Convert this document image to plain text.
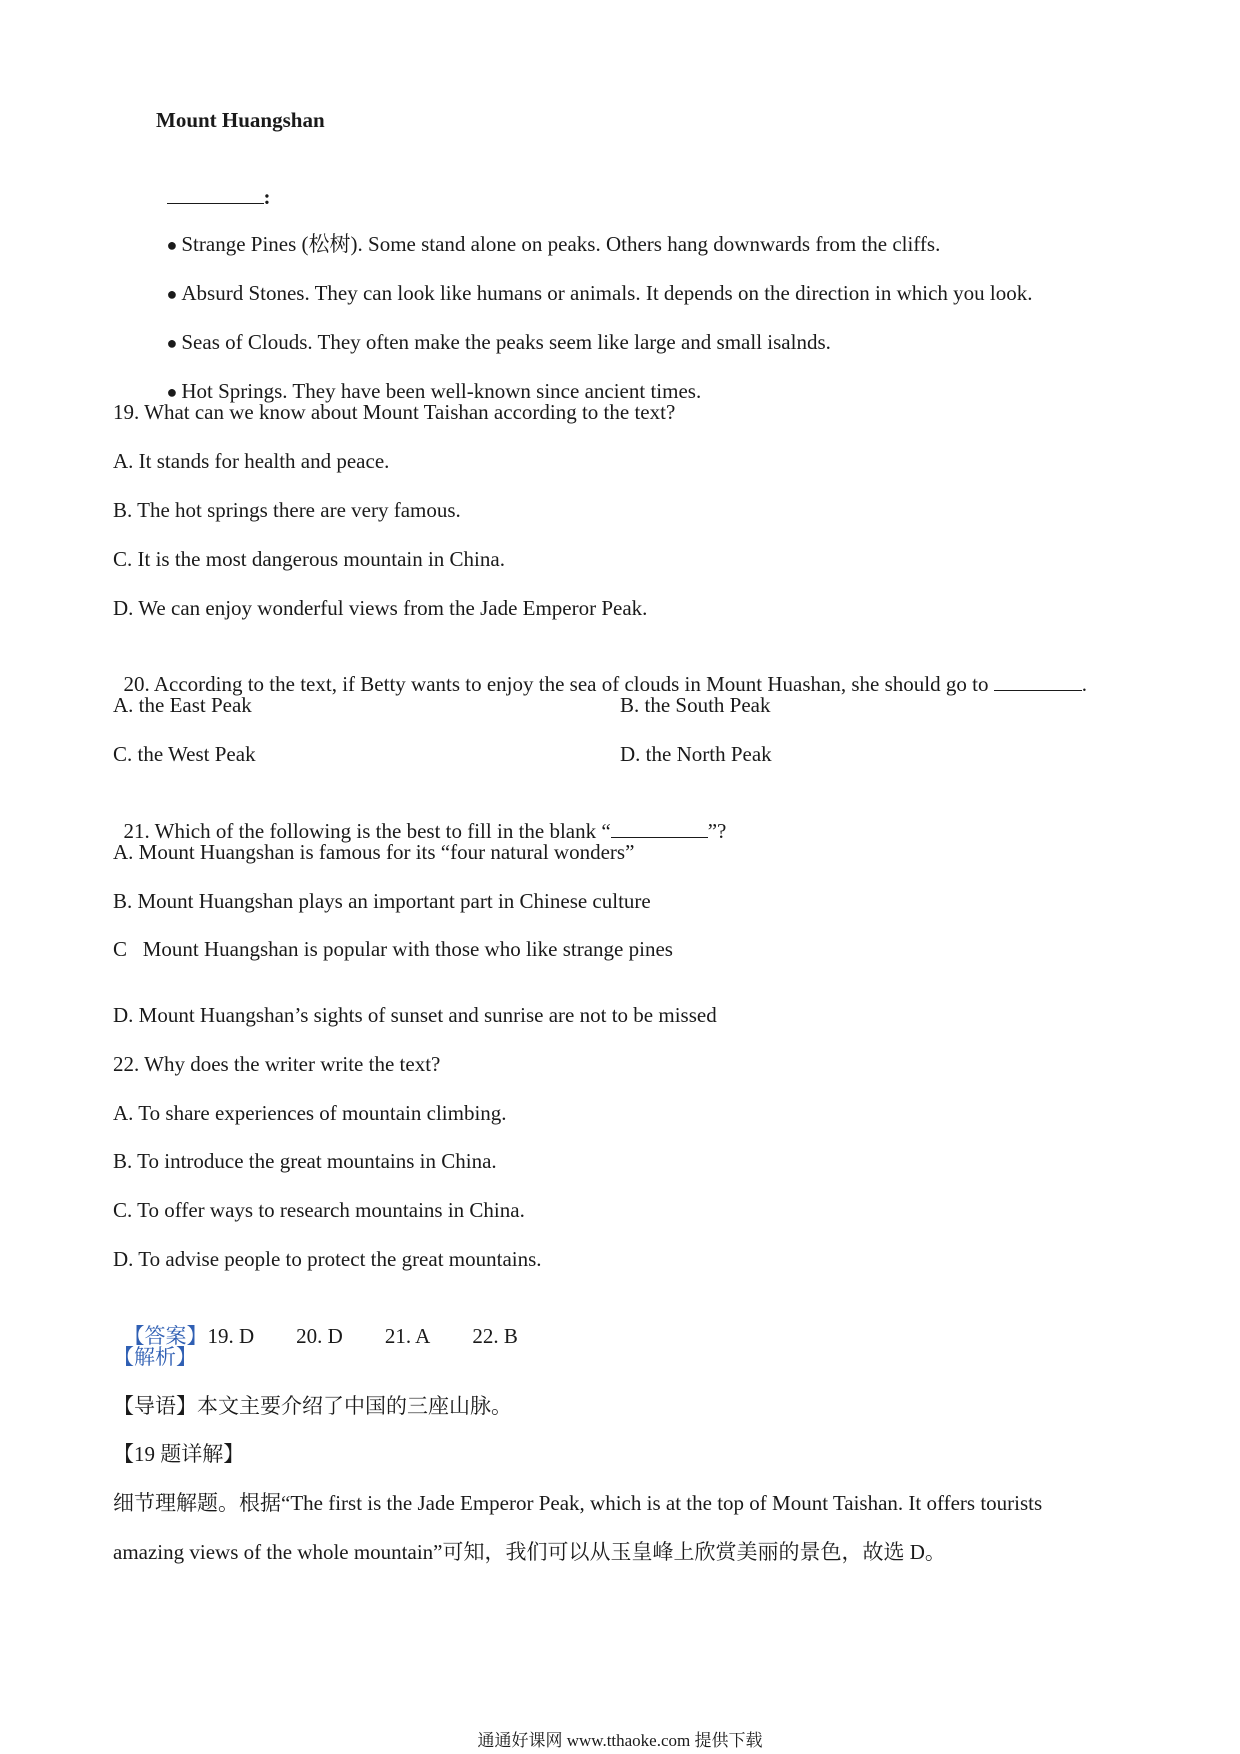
Mount Huangshan

:

● Strange Pines (松树). Some stand alone on peaks. Others hang downwards from the cliffs.

● Absurd Stones. They can look like humans or animals. It depends on the direction in which you look.

● Seas of Clouds. They often make the peaks seem like large and small isalnds.

● Hot Springs. They have been well-known since ancient times.

19. What can we know about Mount Taishan according to the text?
A. It stands for health and peace.
B. The hot springs there are very famous.
C. It is the most dangerous mountain in China.
D. We can enjoy wonderful views from the Jade Emperor Peak.

20. According to the text, if Betty wants to enjoy the sea of clouds in Mount Huashan, she should go to	.

A. the East Peak	B. the South Peak
C. the West Peak	D. the North Peak

21. Which of the following is the best to fill in the blank “	”?

A. Mount Huangshan is famous for its “four natural wonders”
B. Mount Huangshan plays an important part in Chinese culture
C   Mount Huangshan is popular with those who like strange pines
D. Mount Huangshan’s sights of sunset and sunrise are not to be missed
22. Why does the writer write the text?
A. To share experiences of mountain climbing.
B. To introduce the great mountains in China.
C. To offer ways to research mountains in China.
D. To advise people to protect the great mountains.

【答案】19. D 20. D 21. A 22. B

【解析】
【导语】本文主要介绍了中国的三座山脉。
【19 题详解】
细节理解题。根据“The first is the Jade Emperor Peak, which is at the top of Mount Taishan. It offers tourists
amazing views of the whole mountain”可知，我们可以从玉皇峰上欣赏美丽的景色，故选 D。
通通好课网 www.tthaoke.com 提供下载
